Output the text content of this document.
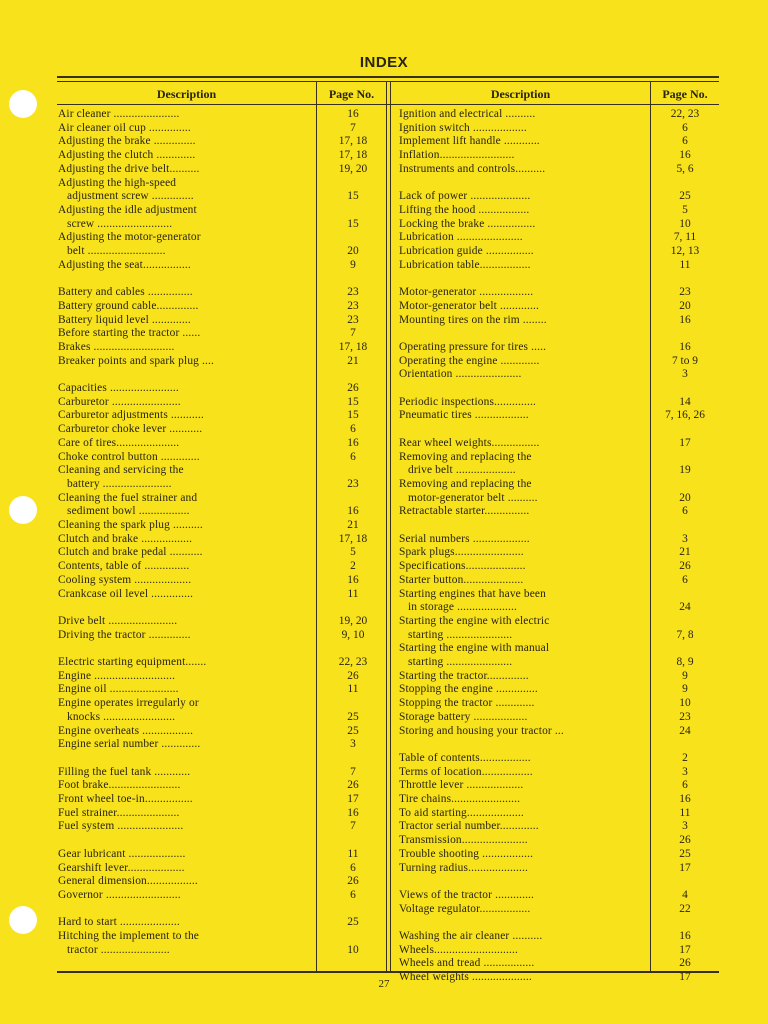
INDEX
Description	Page No.	Description	Page No.
Air cleaner ......................	16
Air cleaner oil cup ..............	7
Adjusting the brake ..............	17, 18
Adjusting the clutch .............	17, 18
Adjusting the drive belt..........	19, 20
Adjusting the high-speed
adjustment screw ..............	15
Adjusting the idle adjustment
screw .........................	15
Adjusting the motor-generator
belt ..........................	20
Adjusting the seat................	9
Battery and cables ...............	23
Battery ground cable..............	23
Battery liquid level .............	23
Before starting the tractor ......	7
Brakes ...........................	17, 18
Breaker points and spark plug ....	21
Capacities .......................	26
Carburetor .......................	15
Carburetor adjustments ...........	15
Carburetor choke lever ...........	6
Care of tires.....................	16
Choke control button .............	6
Cleaning and servicing the
battery .......................	23
Cleaning the fuel strainer and
sediment bowl .................	16
Cleaning the spark plug ..........	21
Clutch and brake .................	17, 18
Clutch and brake pedal ...........	5
Contents, table of ...............	2
Cooling system ...................	16
Crankcase oil level ..............	11
Drive belt .......................	19, 20
Driving the tractor ..............	9, 10
Electric starting equipment.......	22, 23
Engine ...........................	26
Engine oil .......................	11
Engine operates irregularly or
knocks ........................	25
Engine overheats .................	25
Engine serial number .............	3
Filling the fuel tank ............	7
Foot brake........................	26
Front wheel toe-in................	17
Fuel strainer.....................	16
Fuel system ......................	7
Gear lubricant ...................	11
Gearshift lever...................	6
General dimension.................	26
Governor .........................	6
Hard to start ....................	25
Hitching the implement to the
tractor .......................	10
Ignition and electrical ..........	22, 23
Ignition switch ..................	6
Implement lift handle ............	6
Inflation.........................	16
Instruments and controls..........	5, 6
Lack of power ....................	25
Lifting the hood .................	5
Locking the brake ................	10
Lubrication ......................	7, 11
Lubrication guide ................	12, 13
Lubrication table.................	11
Motor-generator ..................	23
Motor-generator belt .............	20
Mounting tires on the rim ........	16
Operating pressure for tires .....	16
Operating the engine .............	7 to 9
Orientation ......................	3
Periodic inspections..............	14
Pneumatic tires ..................	7, 16, 26
Rear wheel weights................	17
Removing and replacing the
drive belt ....................	19
Removing and replacing the
motor-generator belt ..........	20
Retractable starter...............	6
Serial numbers ...................	3
Spark plugs.......................	21
Specifications....................	26
Starter button....................	6
Starting engines that have been
in storage ....................	24
Starting the engine with electric
starting ......................	7, 8
Starting the engine with manual
starting ......................	8, 9
Starting the tractor..............	9
Stopping the engine ..............	9
Stopping the tractor .............	10
Storage battery ..................	23
Storing and housing your tractor ...	24
Table of contents.................	2
Terms of location.................	3
Throttle lever ...................	6
Tire chains.......................	16
To aid starting...................	11
Tractor serial number.............	3
Transmission......................	26
Trouble shooting .................	25
Turning radius....................	17
Views of the tractor .............	4
Voltage regulator.................	22
Washing the air cleaner ..........	16
Wheels............................	17
Wheels and tread .................	26
Wheel weights ....................	17
27
